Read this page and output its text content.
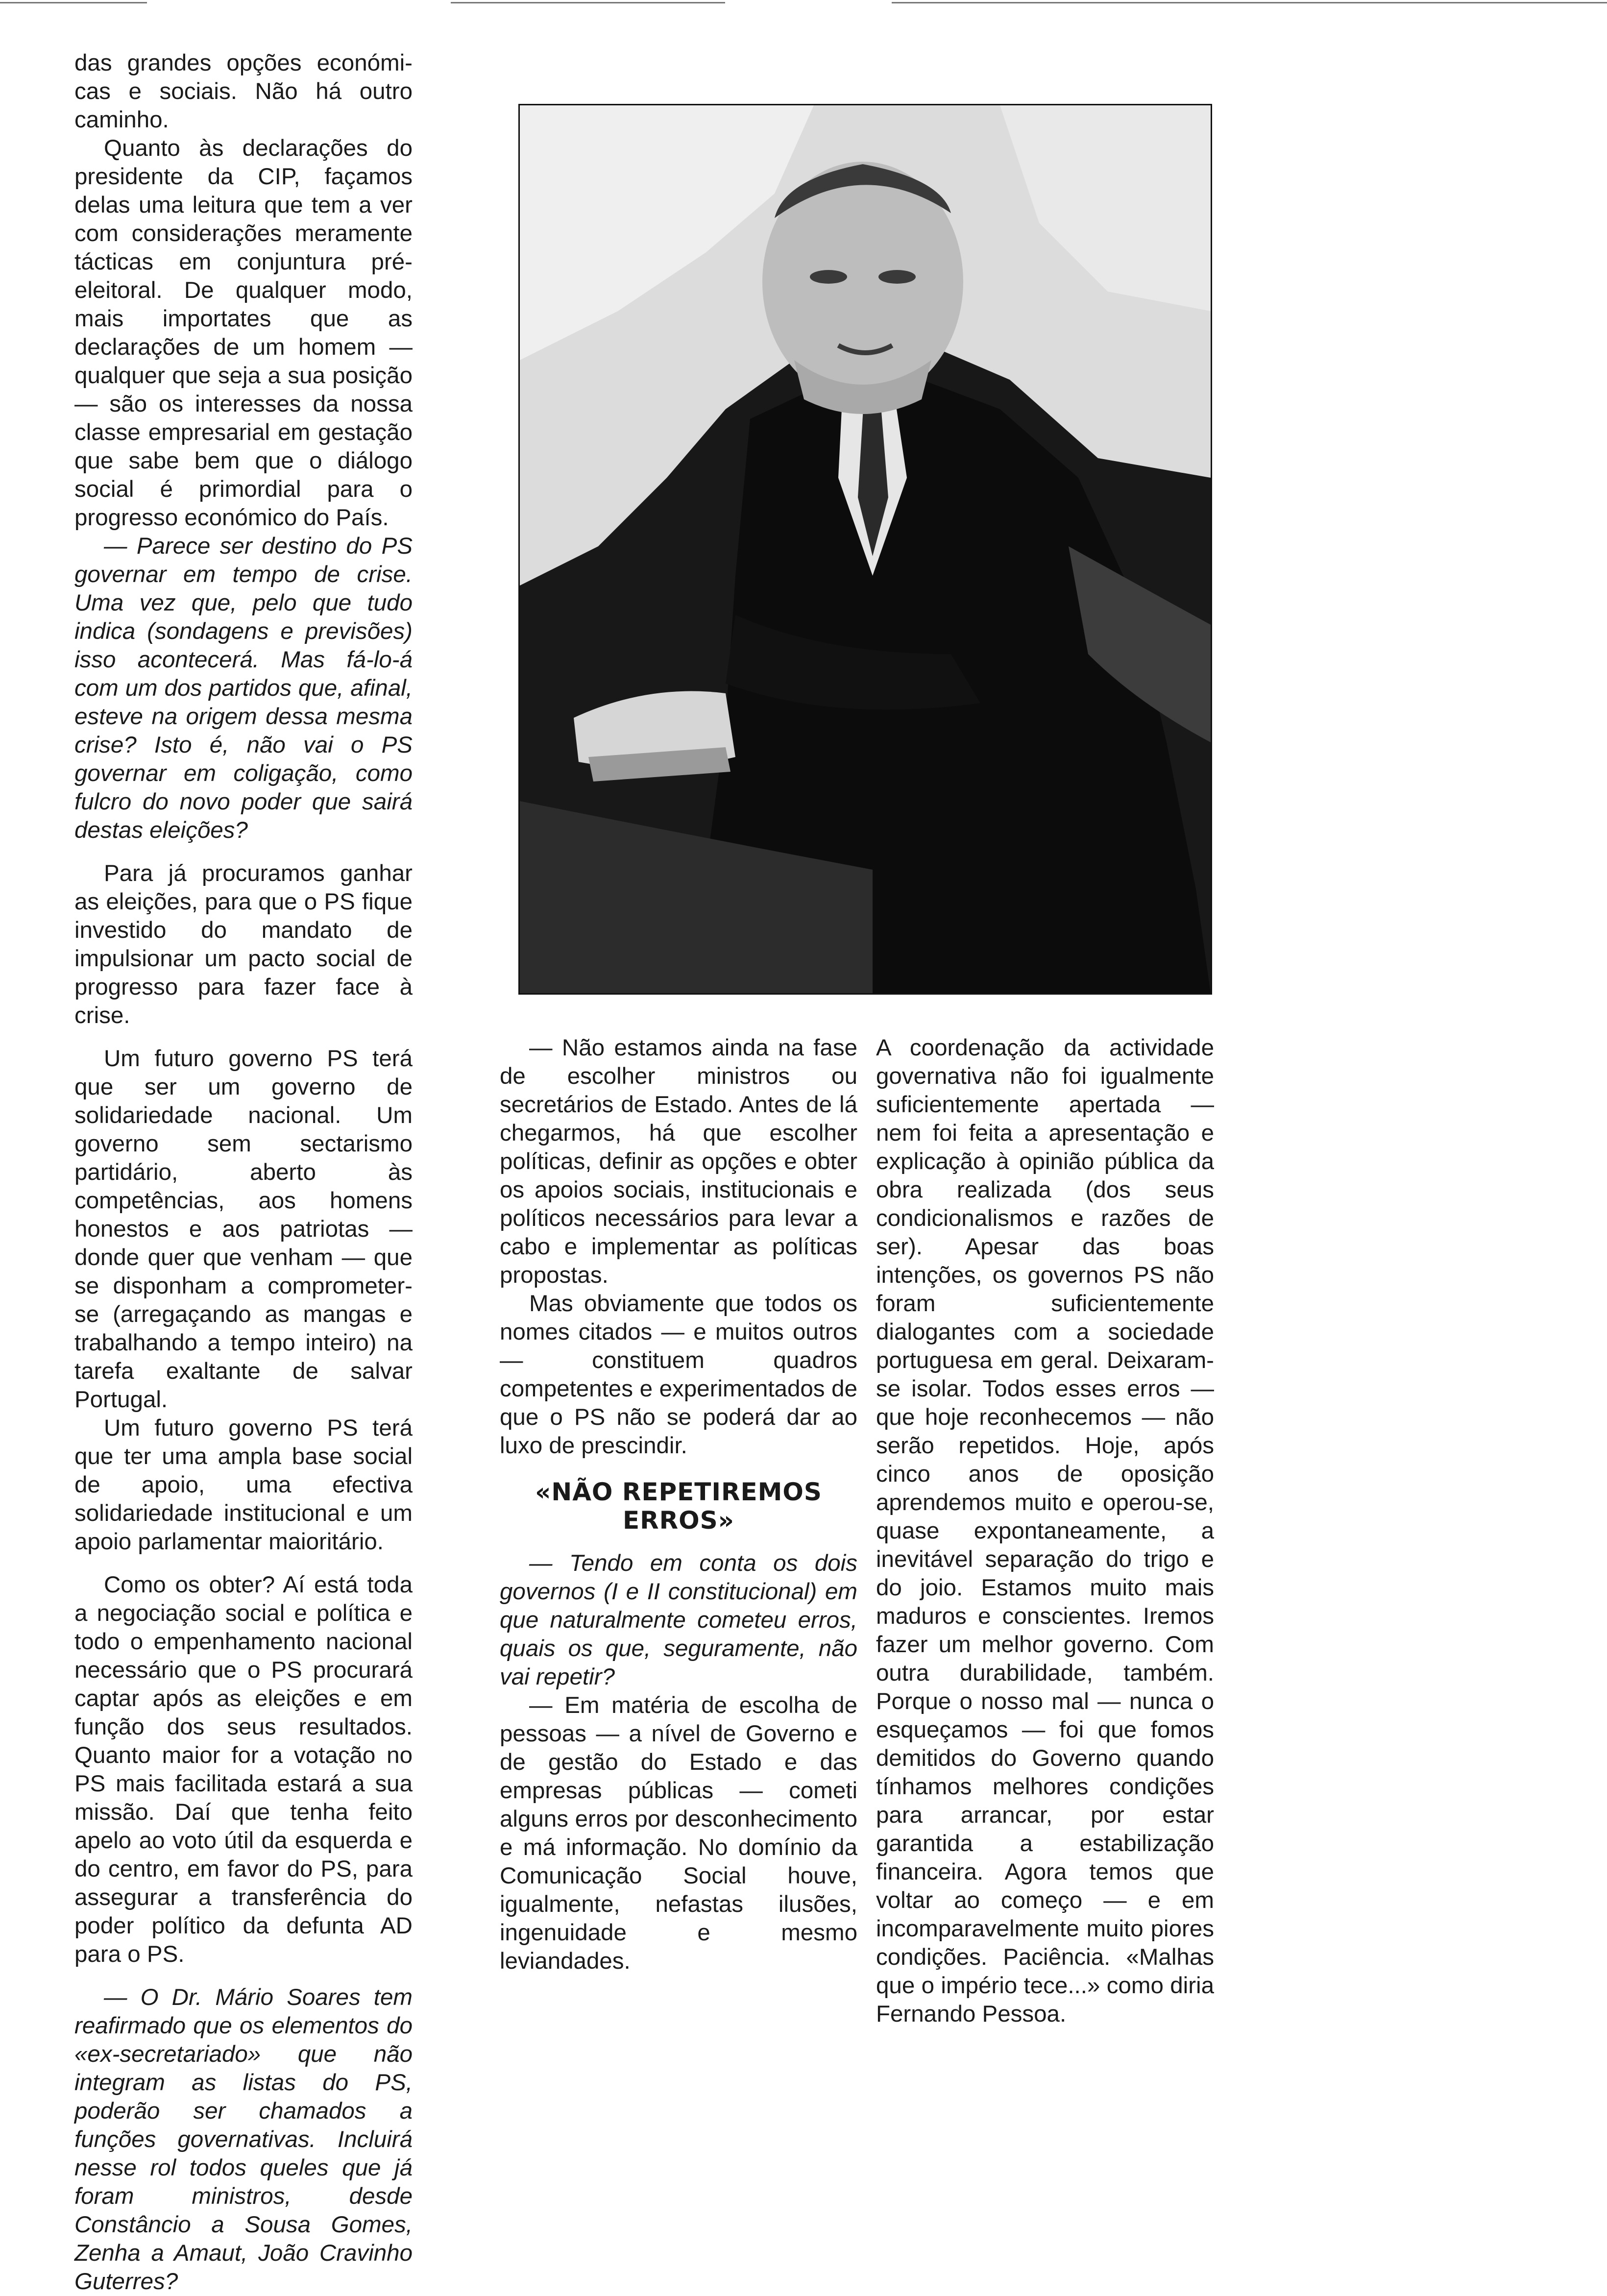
das grandes opções económi-cas e sociais. Não há outro caminho.

Quanto às declarações do presidente da CIP, façamos delas uma leitura que tem a ver com considerações meramente tácticas em conjuntura pré-eleitoral. De qualquer modo, mais importates que as declarações de um homem — qualquer que seja a sua posição — são os interesses da nossa classe empresarial em gestação que sabe bem que o diálogo social é primordial para o progresso económico do País.

— Parece ser destino do PS governar em tempo de crise. Uma vez que, pelo que tudo indica (sondagens e previsões) isso acontecerá. Mas fá-lo-á com um dos partidos que, afinal, esteve na origem dessa mesma crise? Isto é, não vai o PS governar em coligação, como fulcro do novo poder que sairá destas eleições?

Para já procuramos ganhar as eleições, para que o PS fique investido do mandato de impulsionar um pacto social de progresso para fazer face à crise.

Um futuro governo PS terá que ser um governo de solidariedade nacional. Um governo sem sectarismo partidário, aberto às competências, aos homens honestos e aos patriotas — donde quer que venham — que se disponham a comprometer-se (arregaçando as mangas e trabalhando a tempo inteiro) na tarefa exaltante de salvar Portugal.

Um futuro governo PS terá que ter uma ampla base social de apoio, uma efectiva solidariedade institucional e um apoio parlamentar maioritário.

Como os obter? Aí está toda a negociação social e política e todo o empenhamento nacional necessário que o PS procurará captar após as eleições e em função dos seus resultados. Quanto maior for a votação no PS mais facilitada estará a sua missão. Daí que tenha feito apelo ao voto útil da esquerda e do centro, em favor do PS, para assegurar a transferência do poder político da defunta AD para o PS.

— O Dr. Mário Soares tem reafirmado que os elementos do «ex-secretariado» que não integram as listas do PS, poderão ser chamados a funções governativas. Incluirá nesse rol todos queles que já foram ministros, desde Constâncio a Sousa Gomes, Zenha a Amaut, João Cravinho Guterres?

— Não estamos ainda na fase de escolher ministros ou secretários de Estado. Antes de lá chegarmos, há que escolher políticas, definir as opções e obter os apoios sociais, institucionais e políticos necessários para levar a cabo e implementar as políticas propostas.

Mas obviamente que todos os nomes citados — e muitos outros — constituem quadros competentes e experimentados de que o PS não se poderá dar ao luxo de prescindir.

«NÃO REPETIREMOS ERROS»

— Tendo em conta os dois governos (I e II constitucional) em que naturalmente cometeu erros, quais os que, seguramente, não vai repetir?

— Em matéria de escolha de pessoas — a nível de Governo e de gestão do Estado e das empresas públicas — cometi alguns erros por desconhecimento e má informação. No domínio da Comunicação Social houve, igualmente, nefastas ilusões, ingenuidade e mesmo leviandades.

A coordenação da actividade governativa não foi igualmente suficientemente apertada — nem foi feita a apresentação e explicação à opinião pública da obra realizada (dos seus condicionalismos e razões de ser). Apesar das boas intenções, os governos PS não foram suficientemente dialogantes com a sociedade portuguesa em geral. Deixaram-se isolar. Todos esses erros — que hoje reconhecemos — não serão repetidos. Hoje, após cinco anos de oposição aprendemos muito e operou-se, quase expontaneamente, a inevitável separação do trigo e do joio. Estamos muito mais maduros e conscientes. Iremos fazer um melhor governo. Com outra durabilidade, também. Porque o nosso mal — nunca o esqueçamos — foi que fomos demitidos do Governo quando tínhamos melhores condições para arrancar, por estar garantida a estabilização financeira. Agora temos que voltar ao começo — e em incomparavelmente muito piores condições. Paciência. «Malhas que o império tece...» como diria Fernando Pessoa.
